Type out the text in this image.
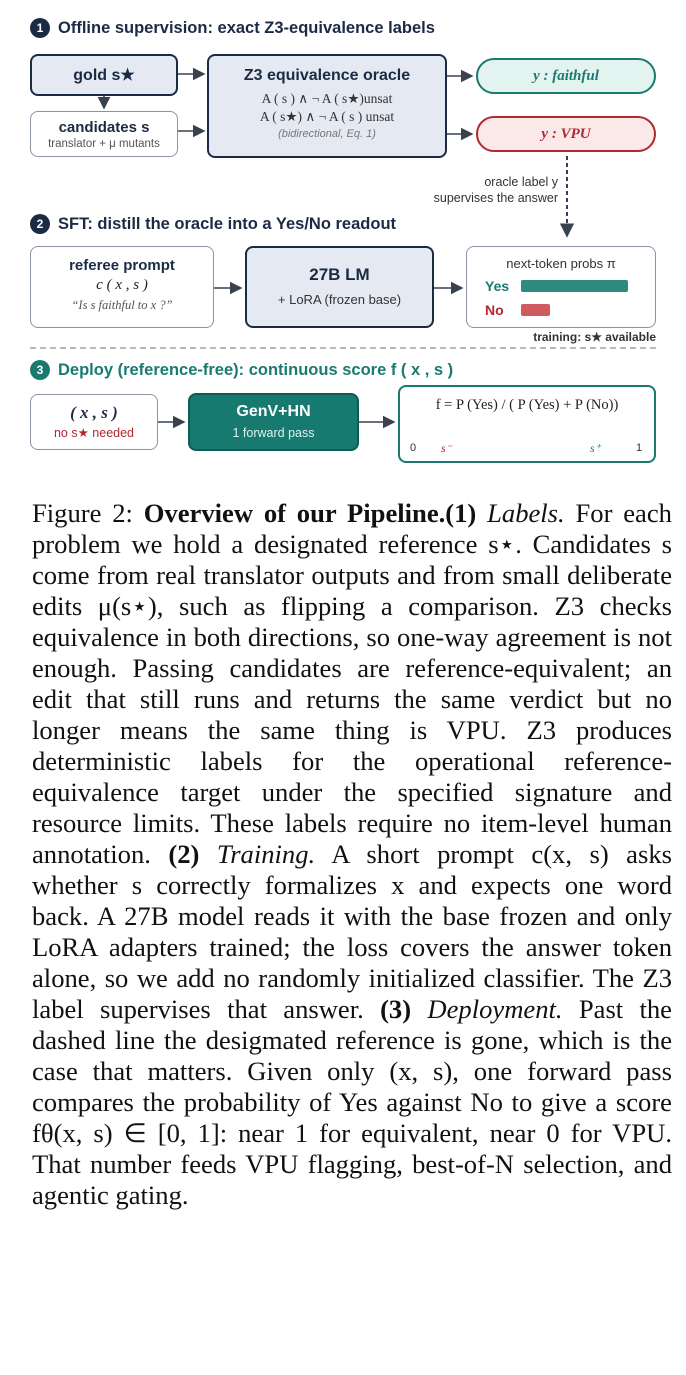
1 Offline supervision: exact Z3-equivalence labels
gold s★
candidates s
translator + μ mutants
Z3 equivalence oracle
A ( s ) ∧ ¬ A ( s★)unsat
A ( s★) ∧ ¬ A ( s ) unsat
(bidirectional, Eq. 1)
y : faithful
y : VPU
oracle label y
supervises the answer
2 SFT: distill the oracle into a Yes/No readout
referee prompt
c ( x , s )
“Is s faithful to x ?”
27B LM
+ LoRA (frozen base)
next-token probs π
Yes
No
training: s★ available
3 Deploy (reference-free): continuous score f ( x , s )
( x , s )
no s★ needed
GenV+HN
1 forward pass
f = P (Yes) / ( P (Yes) + P (No))
0	1
s⁻	s⁺

Figure 2: Overview of our Pipeline.(1) Labels. For each problem we hold a designated reference s⋆. Candidates s come from real translator outputs and from small deliberate edits μ(s⋆), such as flipping a comparison. Z3 checks equivalence in both directions, so one-way agreement is not enough. Passing candidates are reference-equivalent; an edit that still runs and returns the same verdict but no longer means the same thing is VPU. Z3 produces deterministic labels for the operational reference-equivalence target under the specified signature and resource limits. These labels require no item-level human annotation. (2) Training. A short prompt c(x, s) asks whether s correctly formalizes x and expects one word back. A 27B model reads it with the base frozen and only LoRA adapters trained; the loss covers the answer token alone, so we add no randomly initialized classifier. The Z3 label supervises that answer. (3) Deployment. Past the dashed line the desigmated reference is gone, which is the case that matters. Given only (x, s), one forward pass compares the probability of Yes against No to give a score fθ(x, s) ∈ [0, 1]: near 1 for equivalent, near 0 for VPU. That number feeds VPU flagging, best-of-N selection, and agentic gating.
